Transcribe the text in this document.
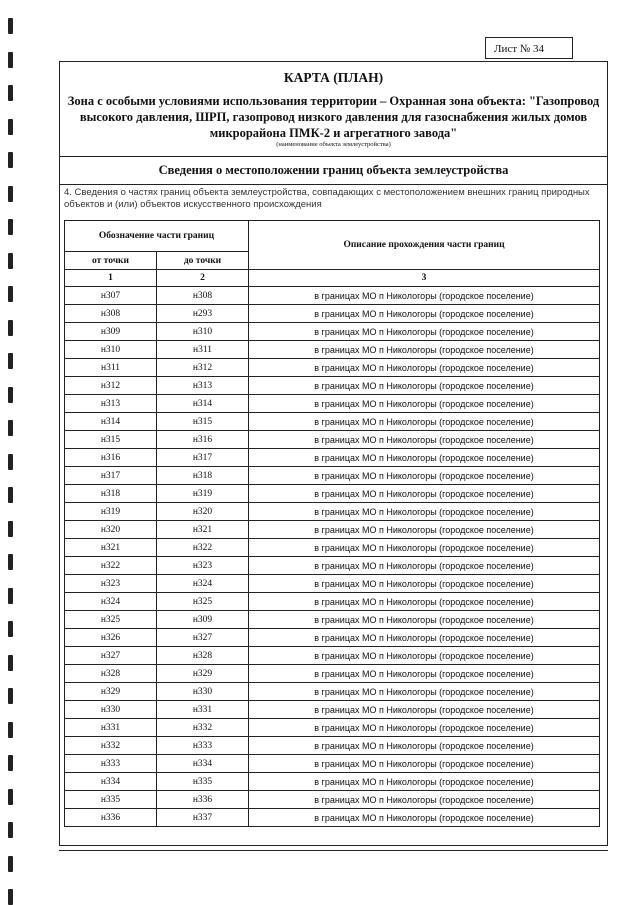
Лист № 34
КАРТА (ПЛАН)
Зона с особыми условиями использования территории – Охранная зона объекта: "Газопровод высокого давления, ШРП, газопровод низкого давления для газоснабжения жилых домов микрорайона ПМК-2 и агрегатного завода"
(наименование объекта землеустройства)
Сведения о местоположении границ объекта землеустройства
4. Сведения о частях границ объекта землеустройства, совпадающих с местоположением внешних границ природных объектов и (или) объектов искусственного происхождения
Обозначение части границ		Описание прохождения части границ
от точки	до точки	
1	2	3
н307	н308	в границах МО п Никологоры (городское поселение)
н308	н293	в границах МО п Никологоры (городское поселение)
н309	н310	в границах МО п Никологоры (городское поселение)
н310	н311	в границах МО п Никологоры (городское поселение)
н311	н312	в границах МО п Никологоры (городское поселение)
н312	н313	в границах МО п Никологоры (городское поселение)
н313	н314	в границах МО п Никологоры (городское поселение)
н314	н315	в границах МО п Никологоры (городское поселение)
н315	н316	в границах МО п Никологоры (городское поселение)
н316	н317	в границах МО п Никологоры (городское поселение)
н317	н318	в границах МО п Никологоры (городское поселение)
н318	н319	в границах МО п Никологоры (городское поселение)
н319	н320	в границах МО п Никологоры (городское поселение)
н320	н321	в границах МО п Никологоры (городское поселение)
н321	н322	в границах МО п Никологоры (городское поселение)
н322	н323	в границах МО п Никологоры (городское поселение)
н323	н324	в границах МО п Никологоры (городское поселение)
н324	н325	в границах МО п Никологоры (городское поселение)
н325	н309	в границах МО п Никологоры (городское поселение)
н326	н327	в границах МО п Никологоры (городское поселение)
н327	н328	в границах МО п Никологоры (городское поселение)
н328	н329	в границах МО п Никологоры (городское поселение)
н329	н330	в границах МО п Никологоры (городское поселение)
н330	н331	в границах МО п Никологоры (городское поселение)
н331	н332	в границах МО п Никологоры (городское поселение)
н332	н333	в границах МО п Никологоры (городское поселение)
н333	н334	в границах МО п Никологоры (городское поселение)
н334	н335	в границах МО п Никологоры (городское поселение)
н335	н336	в границах МО п Никологоры (городское поселение)
н336	н337	в границах МО п Никологоры (городское поселение)
